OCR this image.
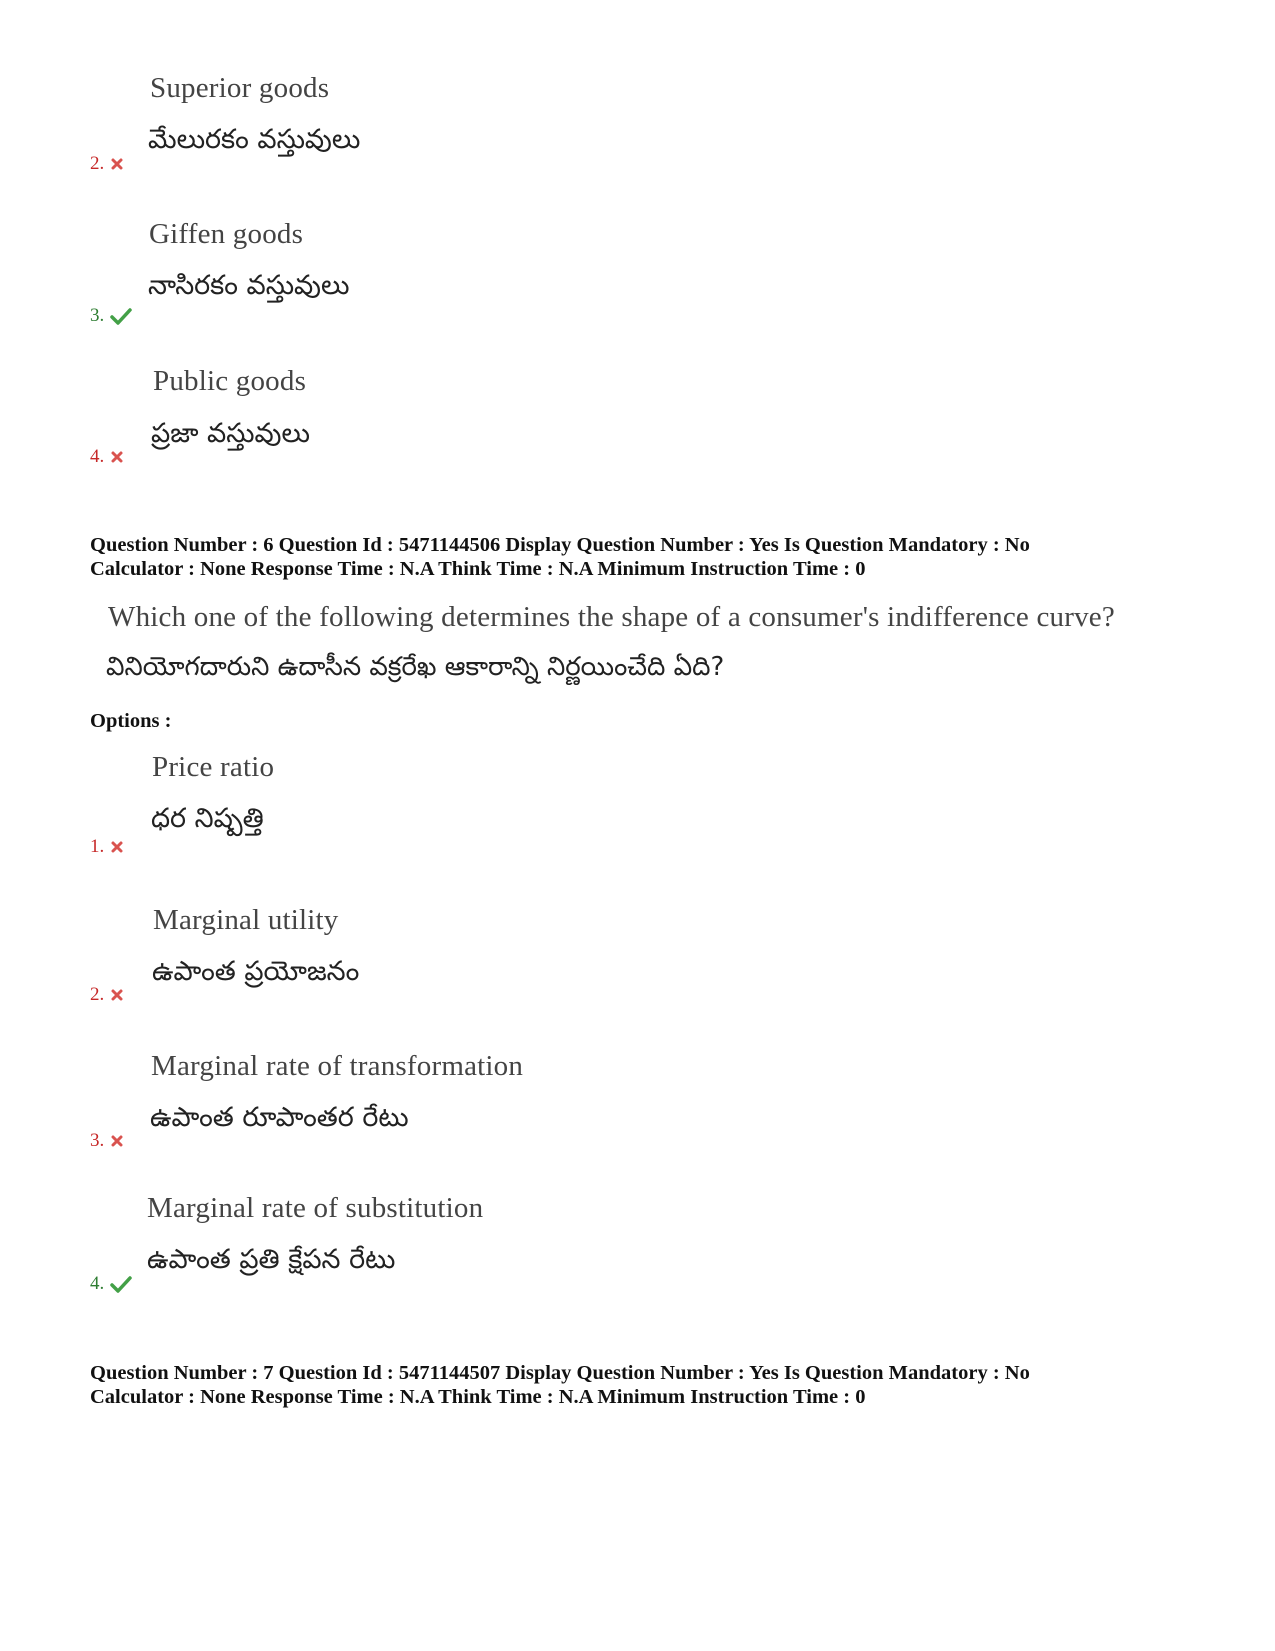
Superior goods
మేలురకం వస్తువులు
2.
Giffen goods
నాసిరకం వస్తువులు
3.
Public goods
ప్రజా వస్తువులు
4.
Question Number : 6 Question Id : 5471144506 Display Question Number : Yes Is Question Mandatory : No
Calculator : None Response Time : N.A Think Time : N.A Minimum Instruction Time : 0
Which one of the following determines the shape of a consumer's indifference curve?
వినియోగదారుని ఉదాసీన వక్రరేఖ ఆకారాన్ని నిర్ణయించేది ఏది?
Options :
Price ratio
ధర నిష్పత్తి
1.
Marginal utility
ఉపాంత ప్రయోజనం
2.
Marginal rate of transformation
ఉపాంత రూపాంతర రేటు
3.
Marginal rate of substitution
ఉపాంత ప్రతి క్షేపన రేటు
4.
Question Number : 7 Question Id : 5471144507 Display Question Number : Yes Is Question Mandatory : No
Calculator : None Response Time : N.A Think Time : N.A Minimum Instruction Time : 0
